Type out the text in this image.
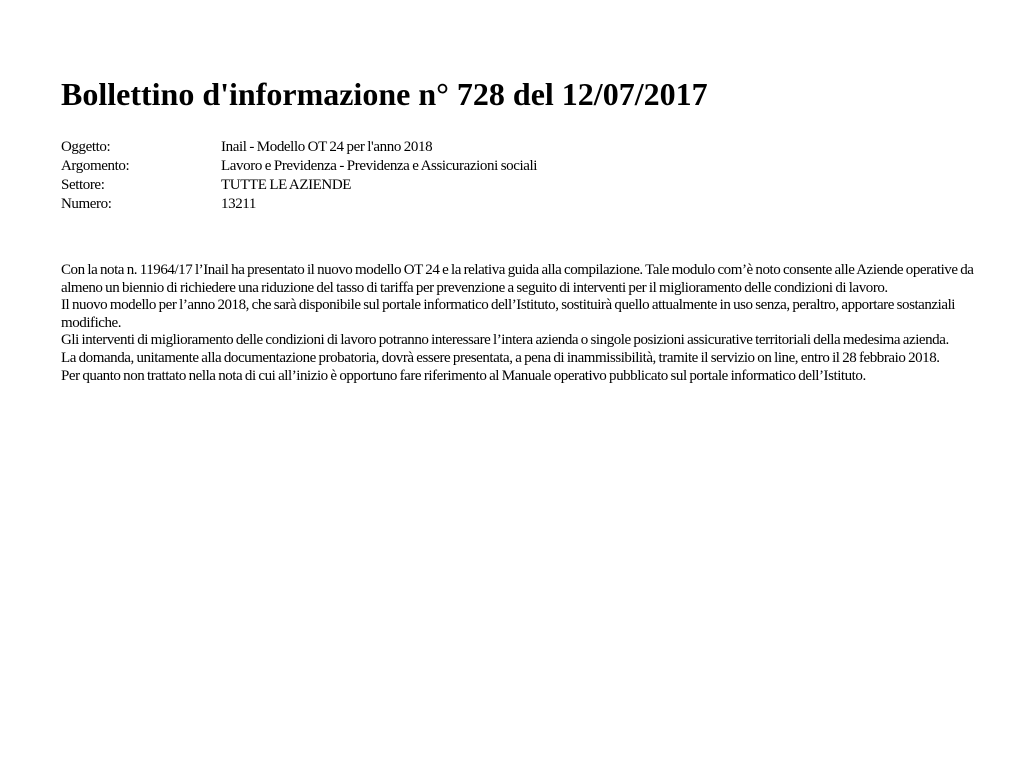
Bollettino d'informazione n° 728 del 12/07/2017
Oggetto:	Inail - Modello OT 24 per l'anno 2018
Argomento:	Lavoro e Previdenza - Previdenza e Assicurazioni sociali
Settore:	TUTTE LE AZIENDE
Numero:	13211

Con la nota n. 11964/17 l’Inail ha presentato il nuovo modello OT 24 e la relativa guida alla compilazione. Tale modulo com’è noto consente alle Aziende operative da almeno un biennio di richiedere una riduzione del tasso di tariffa per prevenzione a seguito di interventi per il miglioramento delle condizioni di lavoro.

Il nuovo modello per l’anno 2018, che sarà disponibile sul portale informatico dell’Istituto, sostituirà quello attualmente in uso senza, peraltro, apportare sostanziali modifiche.

Gli interventi di miglioramento delle condizioni di lavoro potranno interessare l’intera azienda o singole posizioni assicurative territoriali della medesima azienda.

La domanda, unitamente alla documentazione probatoria, dovrà essere presentata, a pena di inammissibilità, tramite il servizio on line, entro il 28 febbraio 2018.

Per quanto non trattato nella nota di cui all’inizio è opportuno fare riferimento al Manuale operativo pubblicato sul portale informatico dell’Istituto.
